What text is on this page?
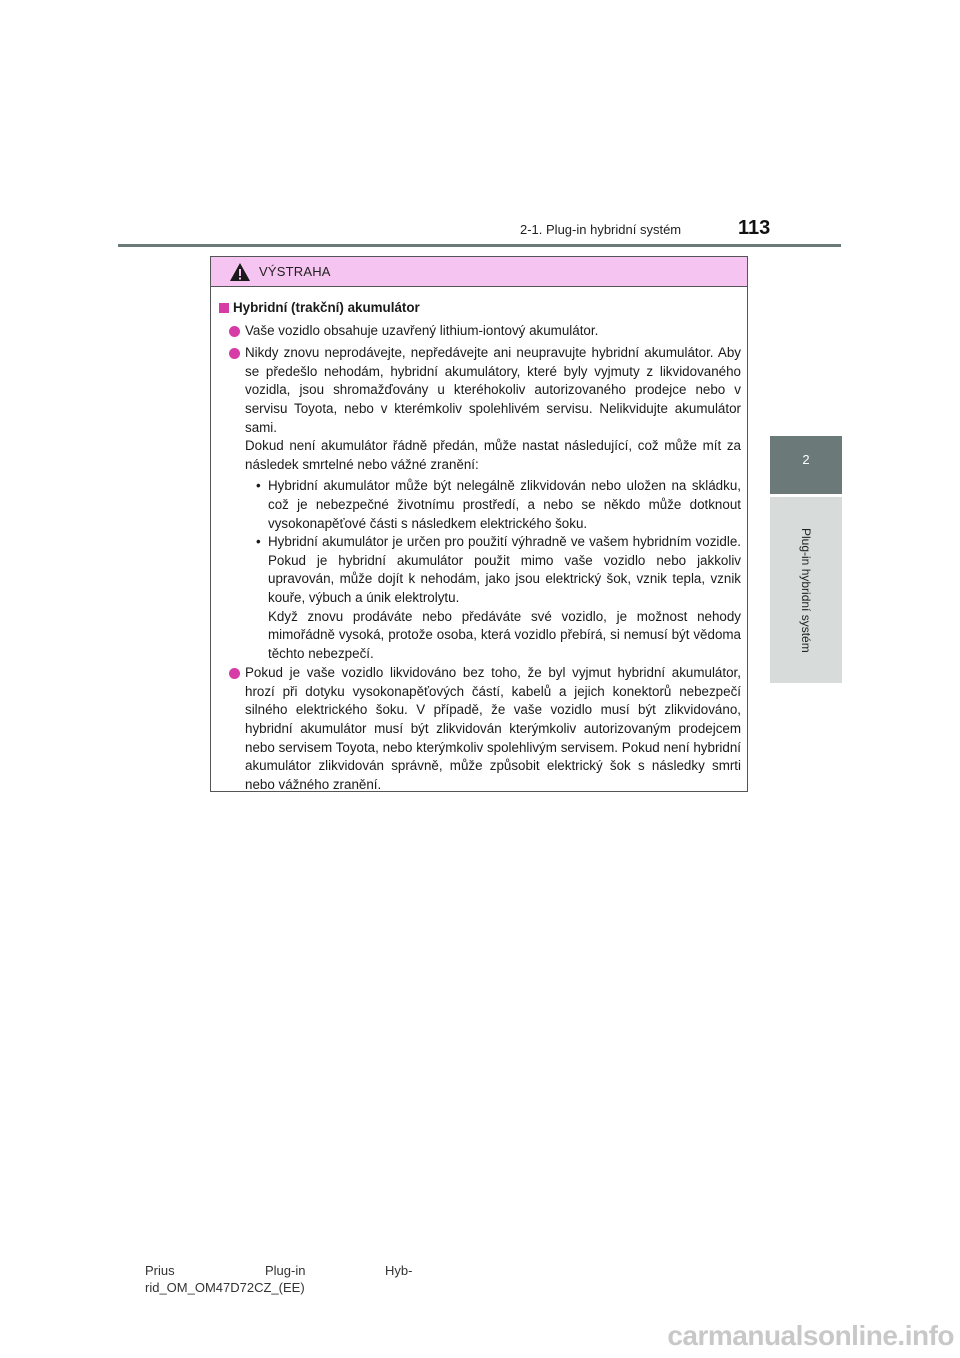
2-1. Plug-in hybridní systém	113
2
Plug-in hybridní systém
VÝSTRAHA
Hybridní (trakční) akumulátor
Vaše vozidlo obsahuje uzavřený lithium-iontový akumulátor.

Nikdy znovu neprodávejte, nepředávejte ani neupravujte hybridní akumulátor. Aby se předešlo nehodám, hybridní akumulátory, které byly vyjmuty z likvidovaného vozidla, jsou shromažďovány u kteréhokoliv autorizovaného prodejce nebo v servisu Toyota, nebo v kterémkoliv spolehlivém servisu. Nelikvidujte akumulátor sami.

Dokud není akumulátor řádně předán, může nastat následující, což může mít za následek smrtelné nebo vážné zranění:

• Hybridní akumulátor může být nelegálně zlikvidován nebo uložen na skládku, což je nebezpečné životnímu prostředí, a nebo se někdo může dotknout vysokonapěťové části s následkem elektrického šoku.
• Hybridní akumulátor je určen pro použití výhradně ve vašem hybridním vozidle. Pokud je hybridní akumulátor použit mimo vaše vozidlo nebo jakkoliv upravován, může dojít k nehodám, jako jsou elektrický šok, vznik tepla, vznik kouře, výbuch a únik elektrolytu.

Když znovu prodáváte nebo předáváte své vozidlo, je možnost nehody mimořádně vysoká, protože osoba, která vozidlo přebírá, si nemusí být vědoma těchto nebezpečí.

Pokud je vaše vozidlo likvidováno bez toho, že byl vyjmut hybridní akumulátor, hrozí při dotyku vysokonapěťových částí, kabelů a jejich konektorů nebezpečí silného elektrického šoku. V případě, že vaše vozidlo musí být zlikvidováno, hybridní akumulátor musí být zlikvidován kterýmkoliv autorizovaným prodejcem nebo servisem Toyota, nebo kterýmkoliv spolehlivým servisem. Pokud není hybridní akumulátor zlikvidován správně, může způsobit elektrický šok s následky smrti nebo vážného zranění.
Prius	Plug-in	Hyb-
rid_OM_OM47D72CZ_(EE)
carmanualsonline.info
